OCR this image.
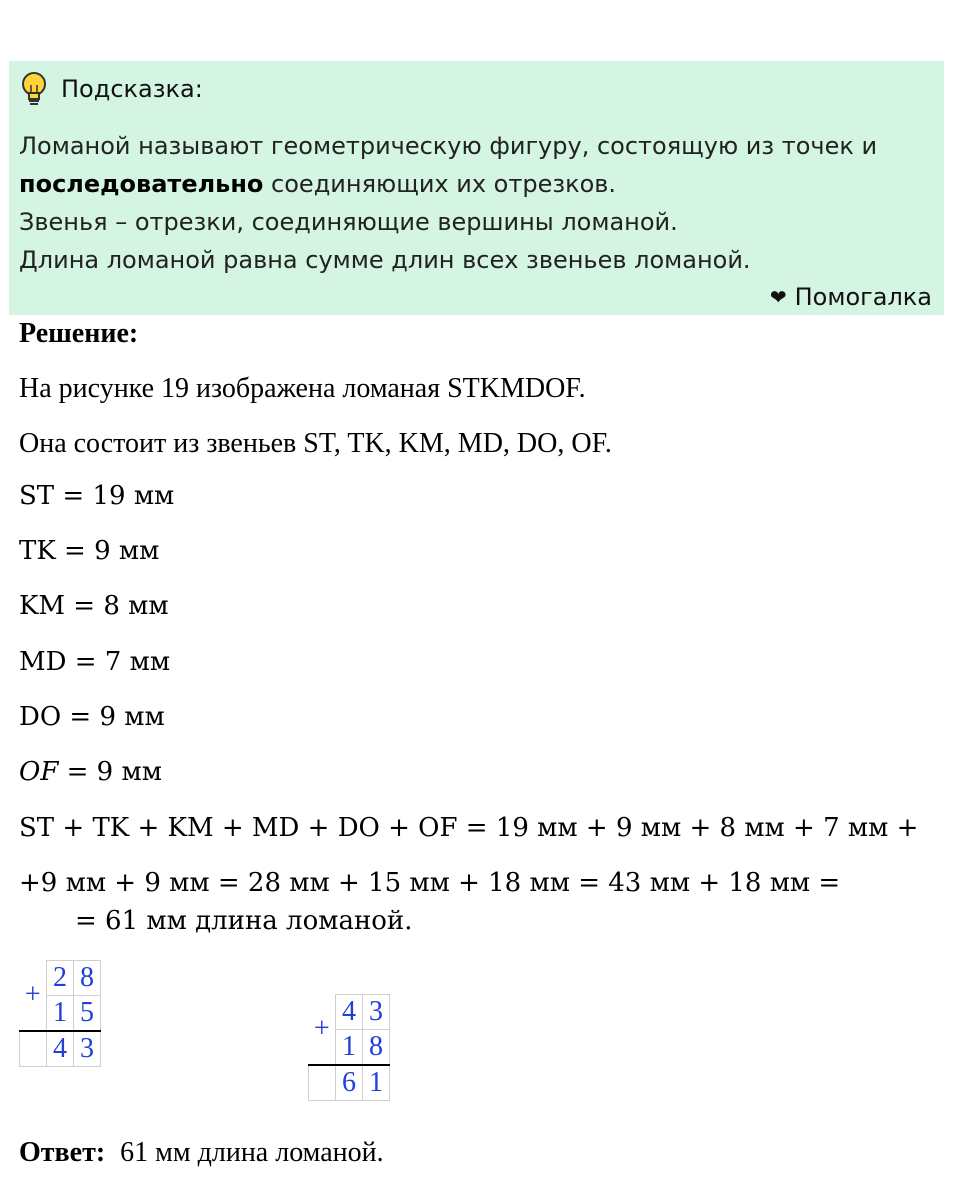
Подсказка:
Ломаной называют геометрическую фигуру, состоящую из точек и
последовательно соединяющих их отрезков.
Звенья – отрезки, соединяющие вершины ломаной.
Длина ломаной равна сумме длин всех звеньев ломаной.
❤ Помогалка
Решение:
На рисунке 19 изображена ломаная STKMDOF.
Она состоит из звеньев ST, TK, KM, MD, DO, OF.
ST = 19 мм
TK = 9 мм
KM = 8 мм
MD = 7 мм
DO = 9 мм
OF = 9 мм
ST + TK + KM + MD + DO + OF = 19 мм + 9 мм + 8 мм + 7 мм +
+9 мм + 9 мм = 28 мм + 15 мм + 18 мм = 43 мм + 18 мм =
= 61 мм длина ломаной.
+	2	8
	1	5
	4	3
+	4	3
	1	8
	6	1
Ответ: 61 мм длина ломаной.
